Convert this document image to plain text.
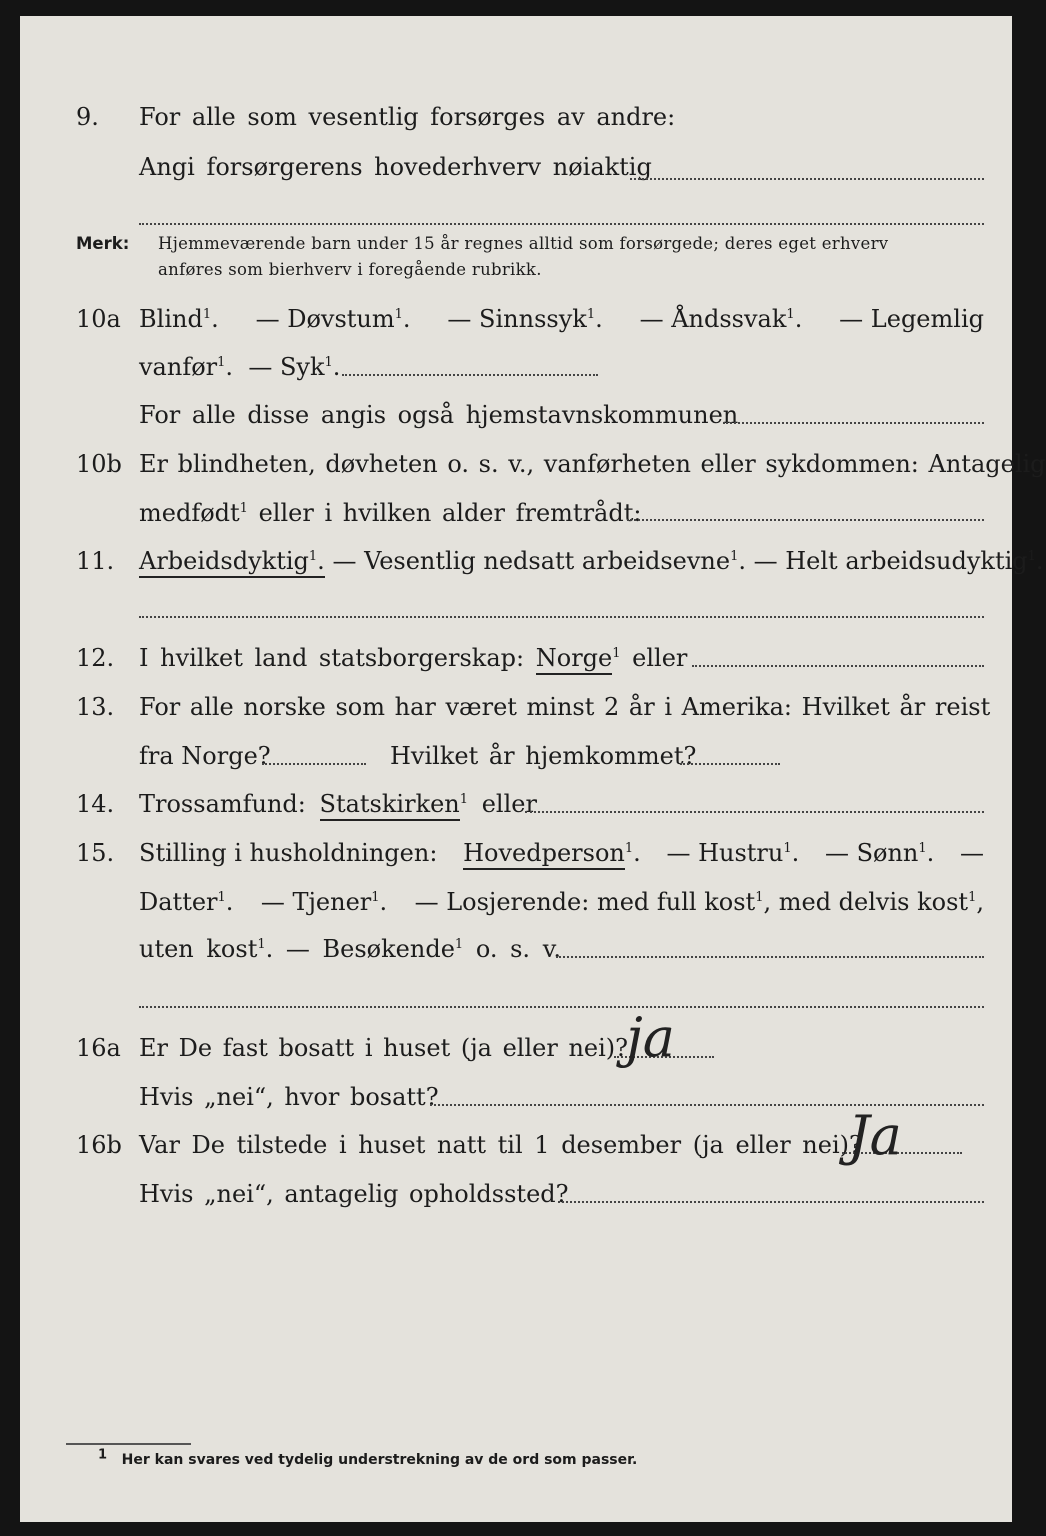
9. For alle som vesentlig forsørges av andre:
Angi forsørgerens hovederhverv nøiaktig
Merk: Hjemmeværende barn under 15 år regnes alltid som forsørgede; deres eget erhverv
anføres som bierhverv i foregående rubrikk.
10a Blind$^1$. — Døvstum$^1$. — Sinnssyk$^1$. — Åndssvak$^1$. — Legemlig
vanfør$^1$.  — Syk$^1$.
For alle disse angis også hjemstavnskommunen
10b Er blindheten, døvheten o. s. v., vanførheten eller sykdommen: Antagelig
medfødt$^1$ eller i hvilken alder fremtrådt:
11. Arbeidsdyktig$^1$. — Vesentlig nedsatt arbeidsevne$^1$. — Helt arbeidsudyktig$^1$.
12. I hvilket land statsborgerskap: Norge$^1$ eller
13. For alle norske som har været minst 2 år i Amerika: Hvilket år reist
fra Norge?	Hvilket år hjemkommet?
14. Trossamfund: Statskirken$^1$ eller
15. Stilling i husholdningen: Hovedperson$^1$. — Hustru$^1$. — Sønn$^1$. —
Datter$^1$. — Tjener$^1$. — Losjerende: med full kost$^1$, med delvis kost$^1$,
uten kost$^1$. — Besøkende$^1$ o. s. v.
16a Er De fast bosatt i huset (ja eller nei)?
ja
Hvis „nei“, hvor bosatt?
16b Var De tilstede i huset natt til 1 desember (ja eller nei)?
Ja
Hvis „nei“, antagelig opholdssted?
$^1$ Her kan svares ved tydelig understrekning av de ord som passer.
